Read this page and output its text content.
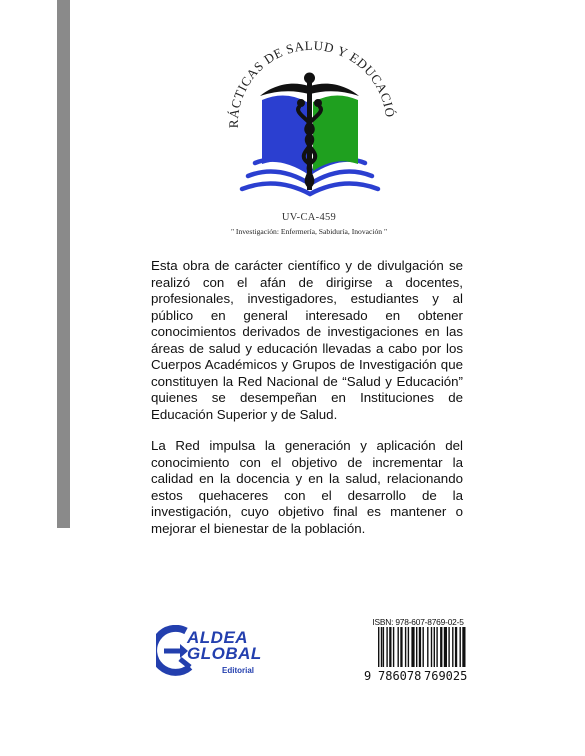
PRÁCTICAS DE SALUD Y EDUCACIÓN
UV-CA-459
" Investigación: Enfermería, Sabiduría, Inovación "

Esta obra de carácter científico y de divulgación se realizó con el afán de dirigirse a docentes, profesionales, investigadores, estudiantes y al público en general interesado en obtener conocimientos derivados de investigaciones en las áreas de salud y educación llevadas a cabo por los Cuerpos Académicos y Grupos de Investigación que constituyen la Red Nacional de “Salud y Educación” quienes se desempeñan en Instituciones de Educación Superior y de Salud.

La Red impulsa la generación y aplicación del conocimiento con el objetivo de incrementar la calidad en la docencia y en la salud, relacionando estos quehaceres con el desarrollo de la investigación, cuyo objetivo final es mantener o mejorar el bienestar de la población.

ALDEA
GLOBAL
Editorial
ISBN: 978-607-8769-02-5
9 786078 769025
